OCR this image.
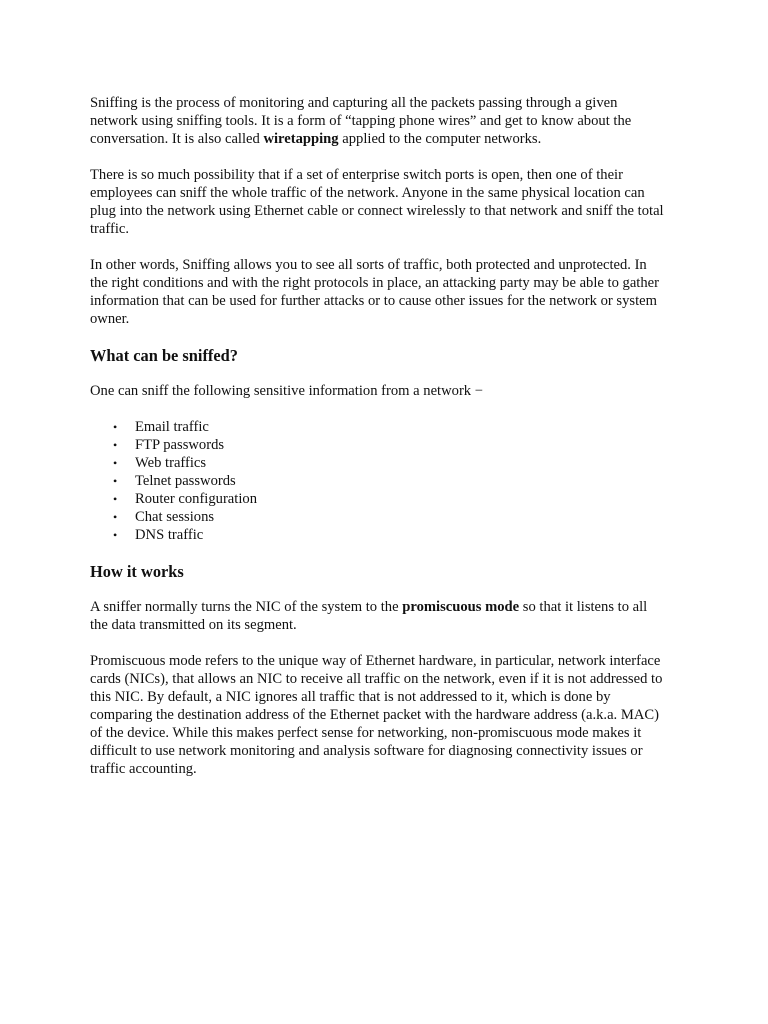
Sniffing is the process of monitoring and capturing all the packets passing through a given network using sniffing tools. It is a form of “tapping phone wires” and get to know about the conversation. It is also called wiretapping applied to the computer networks.

There is so much possibility that if a set of enterprise switch ports is open, then one of their employees can sniff the whole traffic of the network. Anyone in the same physical location can plug into the network using Ethernet cable or connect wirelessly to that network and sniff the total traffic.

In other words, Sniffing allows you to see all sorts of traffic, both protected and unprotected. In the right conditions and with the right protocols in place, an attacking party may be able to gather information that can be used for further attacks or to cause other issues for the network or system owner.

What can be sniffed?

One can sniff the following sensitive information from a network −

• Email traffic
• FTP passwords
• Web traffics
• Telnet passwords
• Router configuration
• Chat sessions
• DNS traffic
How it works

A sniffer normally turns the NIC of the system to the promiscuous mode so that it listens to all the data transmitted on its segment.

Promiscuous mode refers to the unique way of Ethernet hardware, in particular, network interface cards (NICs), that allows an NIC to receive all traffic on the network, even if it is not addressed to this NIC. By default, a NIC ignores all traffic that is not addressed to it, which is done by comparing the destination address of the Ethernet packet with the hardware address (a.k.a. MAC) of the device. While this makes perfect sense for networking, non-promiscuous mode makes it difficult to use network monitoring and analysis software for diagnosing connectivity issues or traffic accounting.
